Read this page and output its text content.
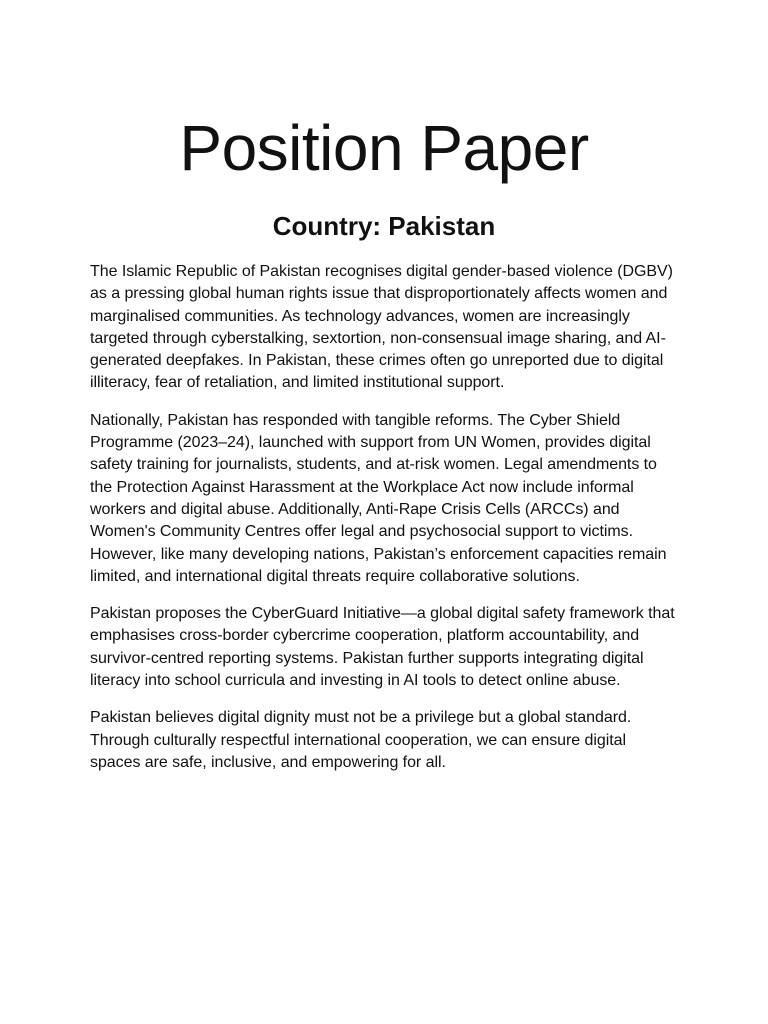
Position Paper
Country: Pakistan

The Islamic Republic of Pakistan recognises digital gender-based violence (DGBV) as a pressing global human rights issue that disproportionately affects women and marginalised communities. As technology advances, women are increasingly targeted through cyberstalking, sextortion, non-consensual image sharing, and AI-generated deepfakes. In Pakistan, these crimes often go unreported due to digital illiteracy, fear of retaliation, and limited institutional support.

Nationally, Pakistan has responded with tangible reforms. The Cyber Shield Programme (2023–24), launched with support from UN Women, provides digital safety training for journalists, students, and at-risk women. Legal amendments to the Protection Against Harassment at the Workplace Act now include informal workers and digital abuse. Additionally, Anti-Rape Crisis Cells (ARCCs) and Women's Community Centres offer legal and psychosocial support to victims. However, like many developing nations, Pakistan’s enforcement capacities remain limited, and international digital threats require collaborative solutions.

Pakistan proposes the CyberGuard Initiative—a global digital safety framework that emphasises cross-border cybercrime cooperation, platform accountability, and survivor-centred reporting systems. Pakistan further supports integrating digital literacy into school curricula and investing in AI tools to detect online abuse.

Pakistan believes digital dignity must not be a privilege but a global standard. Through culturally respectful international cooperation, we can ensure digital spaces are safe, inclusive, and empowering for all.
